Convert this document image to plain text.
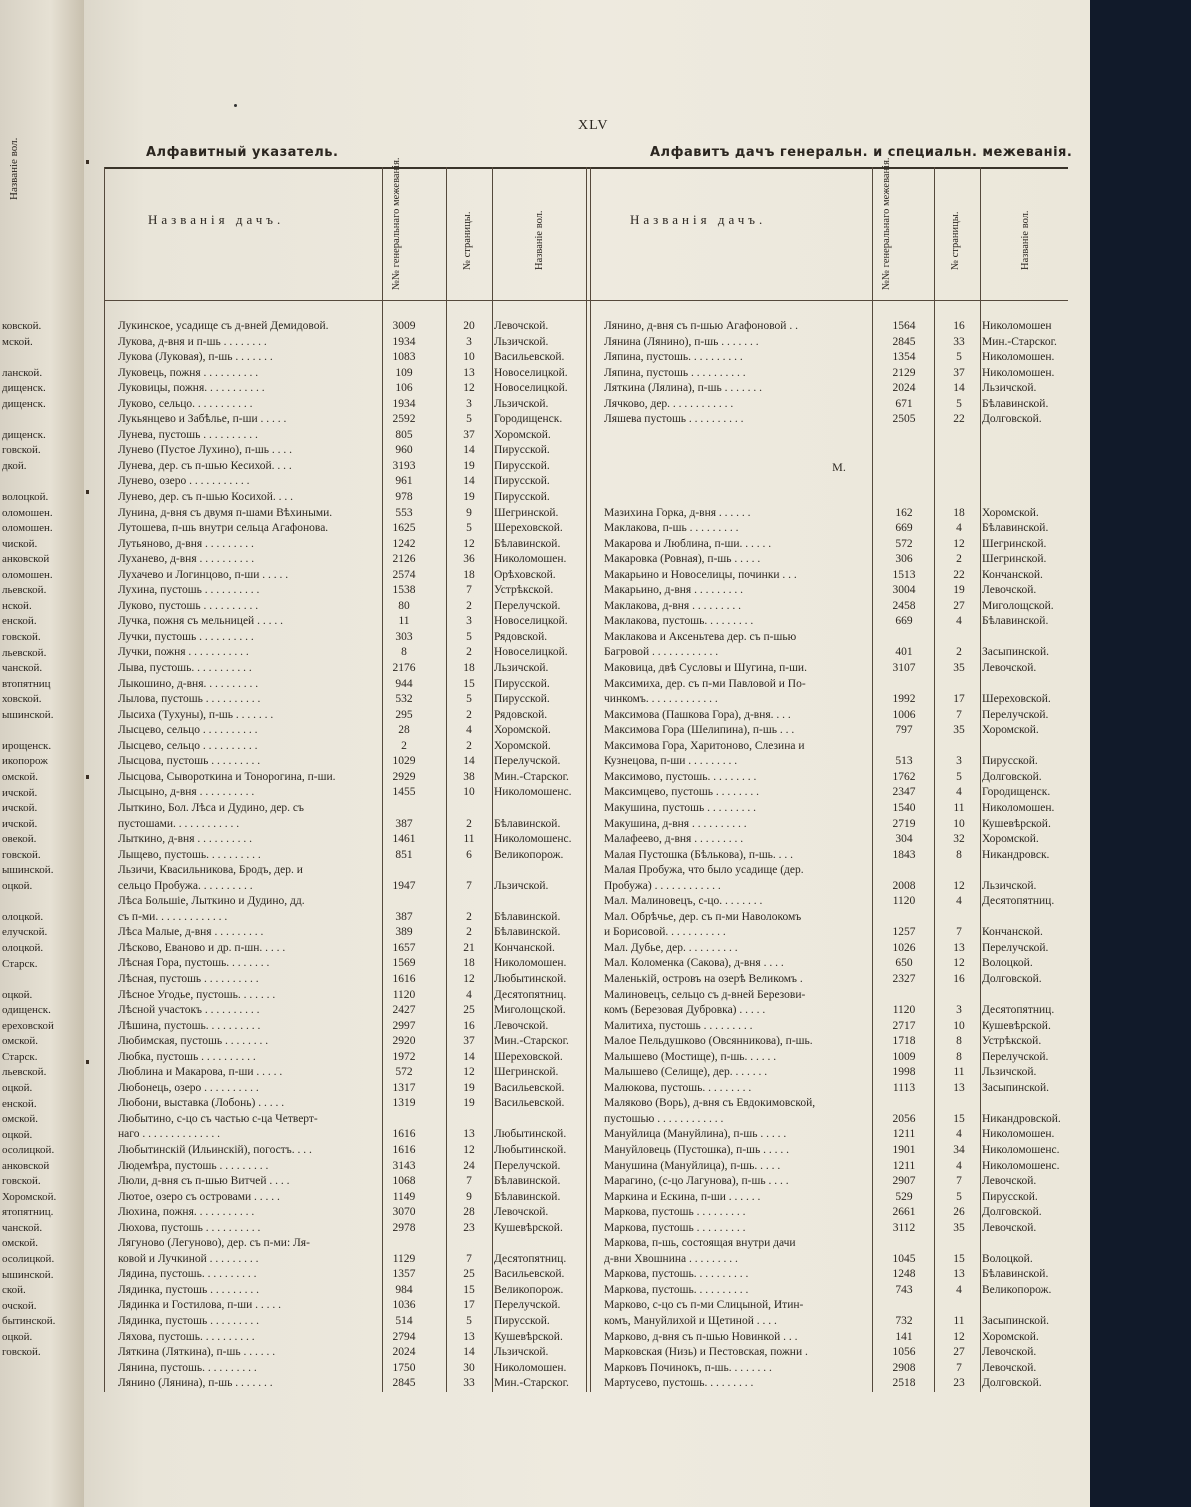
Названіе вол.
ковской.
мской.
ланской.
дищенск.
дищенск.
дищенск.
говской.
дкой.
волоцкой.
оломошен.
оломошен.
чиской.
анковской
оломошен.
льевской.
нской.
енской.
говской.
льевской.
чанской.
втопятниц
ховской.
ышинской.
ирощенск.
икопорож
омской.
ичской.
ичской.
ичской.
овекой.
говской.
ышинской.
оцкой.
олоцкой.
елучской.
олоцкой.
Старск.
оцкой.
одищенск.
ереховской
омской.
Старск.
льевской.
оцкой.
енской.
омской.
оцкой.
осолицкой.
анковской
говской.
Хоромской.
ятопятниц.
чанской.
омской.
осолицкой.
ышинской.
ской.
очской.
бытинской.
оцкой.
говской.
XLV
Алфавитный указатель.	Алфавитъ дачъ генеральн. и специальн. межеванія.
Названія дачъ.	№№ генеральнаго межеванія.	№ страницы.	Названіе вол.	Названія дачъ.	№№ генеральнаго межеванія.	№ страницы.	Названіе вол.
Лукинское, усадище съ д-вней Демидовой.	3009	20	Левочской.
Лукова, д-вня и п-шь . . . . . . . .	1934	3	Льзичской.
Лукова (Луковая), п-шь . . . . . . .	1083	10	Васильевской.
Луковець, пожня . . . . . . . . . .	109	13	Новоселицкой.
Луковицы, пожня. . . . . . . . . . .	106	12	Новоселицкой.
Луково, сельцо. . . . . . . . . . .	1934	3	Льзичской.
Лукьянцево и Забѣлье, п-ши . . . . .	2592	5	Городищенск.
Лунева, пустошь . . . . . . . . . .	805	37	Хоромской.
Лунево (Пустое Лухино), п-шь . . . .	960	14	Пирусской.
Лунева, дер. съ п-шью Кесихой. . . .	3193	19	Пирусской.
Лунево, озеро . . . . . . . . . . .	961	14	Пирусской.
Лунево, дер. съ п-шью Косихой. . . .	978	19	Пирусской.
Лунина, д-вня съ двумя п-шами Вѣхиными.	553	9	Шегринской.
Лутошева, п-шь внутри сельца Агафонова.	1625	5	Шереховской.
Лутьяново, д-вня . . . . . . . . .	1242	12	Бѣлавинской.
Луханево, д-вня . . . . . . . . . .	2126	36	Николомошен.
Лухачево и Логинцово, п-ши . . . . .	2574	18	Орѣховской.
Лухина, пустошь . . . . . . . . . .	1538	7	Устрѣкской.
Луково, пустошь . . . . . . . . . .	80	2	Перелучской.
Лучка, пожня съ мельницей . . . . .	11	3	Новоселицкой.
Лучки, пустошь . . . . . . . . . .	303	5	Рядовской.
Лучки, пожня . . . . . . . . . . .	8	2	Новоселицкой.
Лыва, пустошь. . . . . . . . . . .	2176	18	Льзичской.
Лыкошино, д-вня. . . . . . . . . .	944	15	Пирусской.
Лылова, пустошь . . . . . . . . . .	532	5	Пирусской.
Лысиха (Тухуны), п-шь . . . . . . .	295	2	Рядовской.
Лысцево, сельцо . . . . . . . . . .	28	4	Хоромской.
Лысцево, сельцо . . . . . . . . . .	2	2	Хоромской.
Лысцова, пустошь . . . . . . . . .	1029	14	Перелучской.
Лысцова, Сывороткина и Тонорогина, п-ши.	2929	38	Мин.-Старског.
Лысцыно, д-вня . . . . . . . . . .	1455	10	Николомошенс.
Лыткино, Бол. Лѣса и Дудино, дер. съ
пустошами. . . . . . . . . . . .	387	2	Бѣлавинской.
Лыткино, д-вня . . . . . . . . . .	1461	11	Николомошенс.
Лыщево, пустошь. . . . . . . . . .	851	6	Великопорож.
Льзичи, Квасильникова, Бродъ, дер. и
сельцо Пробужа. . . . . . . . . .	1947	7	Льзичской.
Лѣса Большіе, Лыткино и Дудино, дд.
съ п-ми. . . . . . . . . . . . .	387	2	Бѣлавинской.
Лѣса Малые, д-вня . . . . . . . . .	389	2	Бѣлавинской.
Лѣсково, Еваново и др. п-шн. . . . .	1657	21	Кончанской.
Лѣсная Гора, пустошь. . . . . . . .	1569	18	Николомошен.
Лѣсная, пустошь . . . . . . . . . .	1616	12	Любытинской.
Лѣсное Угодье, пустошь. . . . . . .	1120	4	Десятопятниц.
Лѣсной участокъ . . . . . . . . . .	2427	25	Миголощской.
Лѣшина, пустошь. . . . . . . . . .	2997	16	Левочской.
Любимская, пустошь . . . . . . . .	2920	37	Мин.-Старског.
Любка, пустошь . . . . . . . . . .	1972	14	Шереховской.
Люблина и Макарова, п-ши . . . . .	572	12	Шегринской.
Любонець, озеро . . . . . . . . . .	1317	19	Васильевской.
Любони, выставка (Лобонь) . . . . .	1319	19	Васильевской.
Любытино, с-цо съ частью с-ца Четверт-
наго . . . . . . . . . . . . . .	1616	13	Любытинской.
Любытинскій (Ильинскій), погостъ. . . .	1616	12	Любытинской.
Людемѣра, пустошь . . . . . . . . .	3143	24	Перелучской.
Люли, д-вня съ п-шью Витчей . . . .	1068	7	Бѣлавинской.
Лютое, озеро съ островами . . . . .	1149	9	Бѣлавинской.
Люхина, пожня. . . . . . . . . . .	3070	28	Левочской.
Люхова, пустошь . . . . . . . . . .	2978	23	Кушевѣрской.
Лягуново (Легуново), дер. съ п-ми: Ля-
ковой и Лучкиной . . . . . . . . .	1129	7	Десятопятниц.
Лядина, пустошь. . . . . . . . . .	1357	25	Васильевской.
Лядинка, пустошь . . . . . . . . .	984	15	Великопорож.
Лядинка и Гостилова, п-ши . . . . .	1036	17	Перелучской.
Лядинка, пустошь . . . . . . . . .	514	5	Пирусской.
Ляхова, пустошь. . . . . . . . . .	2794	13	Кушевѣрской.
Ляткина (Ляткина), п-шь . . . . . .	2024	14	Льзичской.
Лянина, пустошь. . . . . . . . . .	1750	30	Николомошен.
Лянино (Лянина), п-шь . . . . . . .	2845	33	Мин.-Старског.
Лянино, д-вня съ п-шью Агафоновой . .	1564	16	Николомошен
Лянина (Лянино), п-шь . . . . . . .	2845	33	Мин.-Старског.
Ляпина, пустошь. . . . . . . . . .	1354	5	Николомошен.
Ляпина, пустошь . . . . . . . . . .	2129	37	Николомошен.
Ляткина (Лялина), п-шь . . . . . . .	2024	14	Льзичской.
Лячково, дер. . . . . . . . . . . .	671	5	Бѣлавинской.
Ляшева пустошь . . . . . . . . . .	2505	22	Долговской.
М.
Мазихина Горка, д-вня . . . . . .	162	18	Хоромской.
Маклакова, п-шь . . . . . . . . .	669	4	Бѣлавинской.
Макарова и Люблина, п-ши. . . . . .	572	12	Шегринской.
Макаровка (Ровная), п-шь . . . . .	306	2	Шегринской.
Макарьино и Новоселицы, починки . . .	1513	22	Кончанской.
Макарьино, д-вня . . . . . . . . .	3004	19	Левочской.
Маклакова, д-вня . . . . . . . . .	2458	27	Миголощской.
Маклакова, пустошь. . . . . . . . .	669	4	Бѣлавинской.
Маклакова и Аксеньтева дер. съ п-шью
Багровой . . . . . . . . . . . .	401	2	Засыпинской.
Маковица, двѣ Сусловы и Шугина, п-ши.	3107	35	Левочской.
Максимиха, дер. съ п-ми Павловой и По-
чинкомъ. . . . . . . . . . . . .	1992	17	Шереховской.
Максимова (Пашкова Гора), д-вня. . . .	1006	7	Перелучской.
Максимова Гора (Шелипина), п-шь . . .	797	35	Хоромской.
Максимова Гора, Харитоново, Слезина и
Кузнецова, п-ши . . . . . . . . .	513	3	Пирусской.
Максимово, пустошь. . . . . . . . .	1762	5	Долговской.
Максимцево, пустошь . . . . . . . .	2347	4	Городищенск.
Макушина, пустошь . . . . . . . . .	1540	11	Николомошен.
Макушина, д-вня . . . . . . . . . .	2719	10	Кушевѣрской.
Малафеево, д-вня . . . . . . . . .	304	32	Хоромской.
Малая Пустошка (Бѣлькова), п-шь. . . .	1843	8	Никандровск.
Малая Пробужа, что было усадище (дер.
Пробужа) . . . . . . . . . . . .	2008	12	Льзичской.
Мал. Малиновецъ, с-цо. . . . . . . .	1120	4	Десятопятниц.
Мал. Обрѣчье, дер. съ п-ми Наволокомъ
и Борисовой. . . . . . . . . . .	1257	7	Кончанской.
Мал. Дубье, дер. . . . . . . . . .	1026	13	Перелучской.
Мал. Коломенка (Сакова), д-вня . . . .	650	12	Волоцкой.
Маленькій, островъ на озерѣ Великомъ .	2327	16	Долговской.
Малиновецъ, сельцо съ д-вней Березови-
комъ (Березовая Дубровка) . . . . .	1120	3	Десятопятниц.
Малитиха, пустошь . . . . . . . . .	2717	10	Кушевѣрской.
Малое Пельдушково (Овсянникова), п-шь.	1718	8	Устрѣкской.
Малышево (Мостище), п-шь. . . . . .	1009	8	Перелучской.
Малышево (Селище), дер. . . . . . .	1998	11	Льзичской.
Малюкова, пустошь. . . . . . . . .	1113	13	Засыпинской.
Маляково (Ворь), д-вня съ Евдокимовской,
пустошью . . . . . . . . . . . .	2056	15	Никандровской.
Мануйлица (Мануйлина), п-шь . . . . .	1211	4	Николомошен.
Мануйловець (Пустошка), п-шь . . . . .	1901	34	Николомошенс.
Манушина (Мануйлица), п-шь. . . . .	1211	4	Николомошенс.
Марагино, (с-цо Лагунова), п-шь . . . .	2907	7	Левочской.
Маркина и Ескина, п-ши . . . . . .	529	5	Пирусской.
Маркова, пустошь . . . . . . . . .	2661	26	Долговской.
Маркова, пустошь . . . . . . . . .	3112	35	Левочской.
Маркова, п-шь, состоящая внутри дачи
д-вни Хвошнина . . . . . . . . .	1045	15	Волоцкой.
Маркова, пустошь. . . . . . . . . .	1248	13	Бѣлавинской.
Маркова, пустошь. . . . . . . . . .	743	4	Великопорож.
Марково, с-цо съ п-ми Слицыной, Итин-
комъ, Мануйлихой и Щетиной . . . .	732	11	Засыпинской.
Марково, д-вня съ п-шью Новинкой . . .	141	12	Хоромской.
Марковская (Низь) и Пестовская, пожни .	1056	27	Левочской.
Марковъ Починокъ, п-шь. . . . . . . .	2908	7	Левочской.
Мартусево, пустошь. . . . . . . . .	2518	23	Долговской.
